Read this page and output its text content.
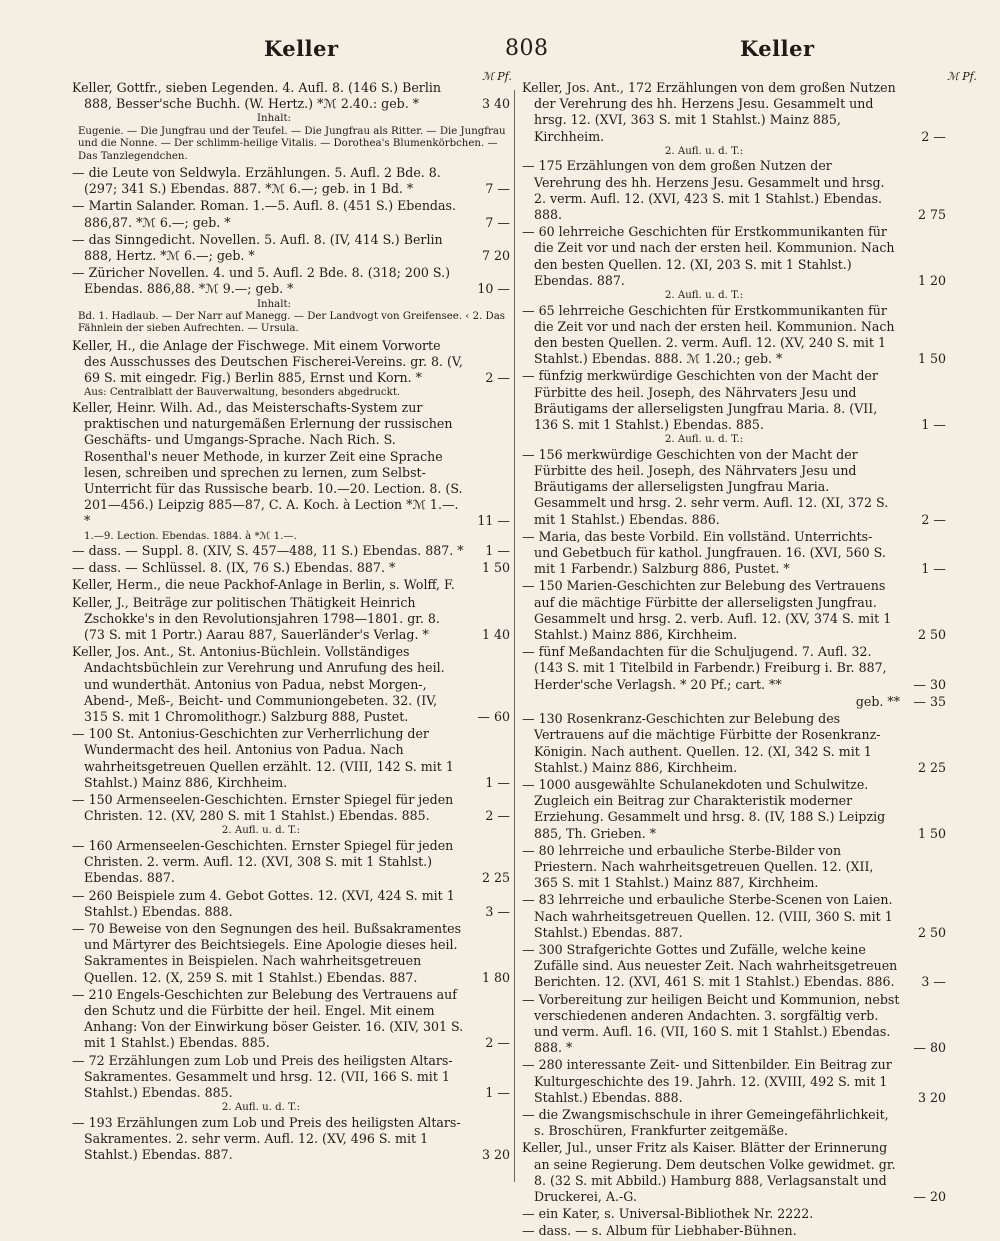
Keller	808	Keller
ℳ Pf.	ℳ Pf.
Keller, Gottfr., sieben Legenden. 4. Aufl. 8. (146 S.) Berlin 888, Besser'sche Buchh. (W. Hertz.) *ℳ 2.40.: geb. *	3 40
Inhalt:
Eugenie. — Die Jungfrau und der Teufel. — Die Jungfrau als Ritter. — Die Jungfrau und die Nonne. — Der schlimm-heilige Vitalis. — Dorothea's Blumenkörbchen. — Das Tanzlegendchen.
— die Leute von Seldwyla. Erzählungen. 5. Aufl. 2 Bde. 8. (297; 341 S.) Ebendas. 887. *ℳ 6.—; geb. in 1 Bd. *	7 —
— Martin Salander. Roman. 1.—5. Aufl. 8. (451 S.) Ebendas. 886,87. *ℳ 6.—; geb. *	7 —
— das Sinngedicht. Novellen. 5. Aufl. 8. (IV, 414 S.) Berlin 888, Hertz. *ℳ 6.—; geb. *	7 20
— Züricher Novellen. 4. und 5. Aufl. 2 Bde. 8. (318; 200 S.) Ebendas. 886,88. *ℳ 9.—; geb. *	10 —
Inhalt:
Bd. 1. Hadlaub. — Der Narr auf Manegg. — Der Landvogt von Greifensee. ‹ 2. Das Fähnlein der sieben Aufrechten. — Ursula.
Keller, H., die Anlage der Fischwege. Mit einem Vorworte des Ausschusses des Deutschen Fischerei-Vereins. gr. 8. (V, 69 S. mit eingedr. Fig.) Berlin 885, Ernst und Korn. *	2 —
Aus: Centralblatt der Bauverwaltung, besonders abgedruckt.
Keller, Heinr. Wilh. Ad., das Meisterschafts-System zur praktischen und naturgemäßen Erlernung der russischen Geschäfts- und Umgangs-Sprache. Nach Rich. S. Rosenthal's neuer Methode, in kurzer Zeit eine Sprache lesen, schreiben und sprechen zu lernen, zum Selbst-Unterricht für das Russische bearb. 10.—20. Lection. 8. (S. 201—456.) Leipzig 885—87, C. A. Koch. à Lection *ℳ 1.—. *	11 —
1.—9. Lection. Ebendas. 1884. à *ℳ 1.—.
— dass. — Suppl. 8. (XIV, S. 457—488, 11 S.) Ebendas. 887. *	1 —
— dass. — Schlüssel. 8. (IX, 76 S.) Ebendas. 887. *	1 50
Keller, Herm., die neue Packhof-Anlage in Berlin, s. Wolff, F.
Keller, J., Beiträge zur politischen Thätigkeit Heinrich Zschokke's in den Revolutionsjahren 1798—1801. gr. 8. (73 S. mit 1 Portr.) Aarau 887, Sauerländer's Verlag. *	1 40
Keller, Jos. Ant., St. Antonius-Büchlein. Vollständiges Andachtsbüchlein zur Verehrung und Anrufung des heil. und wunderthät. Antonius von Padua, nebst Morgen-, Abend-, Meß-, Beicht- und Communiongebeten. 32. (IV, 315 S. mit 1 Chromolithogr.) Salzburg 888, Pustet.	— 60
— 100 St. Antonius-Geschichten zur Verherrlichung der Wundermacht des heil. Antonius von Padua. Nach wahrheitsgetreuen Quellen erzählt. 12. (VIII, 142 S. mit 1 Stahlst.) Mainz 886, Kirchheim.	1 —
— 150 Armenseelen-Geschichten. Ernster Spiegel für jeden Christen. 12. (XV, 280 S. mit 1 Stahlst.) Ebendas. 885.	2 —
2. Aufl. u. d. T.:
— 160 Armenseelen-Geschichten. Ernster Spiegel für jeden Christen. 2. verm. Aufl. 12. (XVI, 308 S. mit 1 Stahlst.) Ebendas. 887.	2 25
— 260 Beispiele zum 4. Gebot Gottes. 12. (XVI, 424 S. mit 1 Stahlst.) Ebendas. 888.	3 —
— 70 Beweise von den Segnungen des heil. Bußsakramentes und Märtyrer des Beichtsiegels. Eine Apologie dieses heil. Sakramentes in Beispielen. Nach wahrheitsgetreuen Quellen. 12. (X, 259 S. mit 1 Stahlst.) Ebendas. 887.	1 80
— 210 Engels-Geschichten zur Belebung des Vertrauens auf den Schutz und die Fürbitte der heil. Engel. Mit einem Anhang: Von der Einwirkung böser Geister. 16. (XIV, 301 S. mit 1 Stahlst.) Ebendas. 885.	2 —
— 72 Erzählungen zum Lob und Preis des heiligsten Altars-Sakramentes. Gesammelt und hrsg. 12. (VII, 166 S. mit 1 Stahlst.) Ebendas. 885.	1 —
2. Aufl. u. d. T.:
— 193 Erzählungen zum Lob und Preis des heiligsten Altars-Sakramentes. 2. sehr verm. Aufl. 12. (XV, 496 S. mit 1 Stahlst.) Ebendas. 887.	3 20
Keller, Jos. Ant., 172 Erzählungen von dem großen Nutzen der Verehrung des hh. Herzens Jesu. Gesammelt und hrsg. 12. (XVI, 363 S. mit 1 Stahlst.) Mainz 885, Kirchheim.	2 —
2. Aufl. u. d. T.:
— 175 Erzählungen von dem großen Nutzen der Verehrung des hh. Herzens Jesu. Gesammelt und hrsg. 2. verm. Aufl. 12. (XVI, 423 S. mit 1 Stahlst.) Ebendas. 888.	2 75
— 60 lehrreiche Geschichten für Erstkommunikanten für die Zeit vor und nach der ersten heil. Kommunion. Nach den besten Quellen. 12. (XI, 203 S. mit 1 Stahlst.) Ebendas. 887.	1 20
2. Aufl. u. d. T.:
— 65 lehrreiche Geschichten für Erstkommunikanten für die Zeit vor und nach der ersten heil. Kommunion. Nach den besten Quellen. 2. verm. Aufl. 12. (XV, 240 S. mit 1 Stahlst.) Ebendas. 888. ℳ 1.20.; geb. *	1 50
— fünfzig merkwürdige Geschichten von der Macht der Fürbitte des heil. Joseph, des Nährvaters Jesu und Bräutigams der allerseligsten Jungfrau Maria. 8. (VII, 136 S. mit 1 Stahlst.) Ebendas. 885.	1 —
2. Aufl. u. d. T.:
— 156 merkwürdige Geschichten von der Macht der Fürbitte des heil. Joseph, des Nährvaters Jesu und Bräutigams der allerseligsten Jungfrau Maria. Gesammelt und hrsg. 2. sehr verm. Aufl. 12. (XI, 372 S. mit 1 Stahlst.) Ebendas. 886.	2 —
— Maria, das beste Vorbild. Ein vollständ. Unterrichts- und Gebetbuch für kathol. Jungfrauen. 16. (XVI, 560 S. mit 1 Farbendr.) Salzburg 886, Pustet. *	1 —
— 150 Marien-Geschichten zur Belebung des Vertrauens auf die mächtige Fürbitte der allerseligsten Jungfrau. Gesammelt und hrsg. 2. verb. Aufl. 12. (XV, 374 S. mit 1 Stahlst.) Mainz 886, Kirchheim.	2 50
— fünf Meßandachten für die Schuljugend. 7. Aufl. 32. (143 S. mit 1 Titelbild in Farbendr.) Freiburg i. Br. 887, Herder'sche Verlagsh. * 20 Pf.; cart. **	— 30
geb. **	— 35
— 130 Rosenkranz-Geschichten zur Belebung des Vertrauens auf die mächtige Fürbitte der Rosenkranz-Königin. Nach authent. Quellen. 12. (XI, 342 S. mit 1 Stahlst.) Mainz 886, Kirchheim.	2 25
— 1000 ausgewählte Schulanekdoten und Schulwitze. Zugleich ein Beitrag zur Charakteristik moderner Erziehung. Gesammelt und hrsg. 8. (IV, 188 S.) Leipzig 885, Th. Grieben. *	1 50
— 80 lehrreiche und erbauliche Sterbe-Bilder von Priestern. Nach wahrheitsgetreuen Quellen. 12. (XII, 365 S. mit 1 Stahlst.) Mainz 887, Kirchheim.
— 83 lehrreiche und erbauliche Sterbe-Scenen von Laien. Nach wahrheitsgetreuen Quellen. 12. (VIII, 360 S. mit 1 Stahlst.) Ebendas. 887.	2 50
— 300 Strafgerichte Gottes und Zufälle, welche keine Zufälle sind. Aus neuester Zeit. Nach wahrheitsgetreuen Berichten. 12. (XVI, 461 S. mit 1 Stahlst.) Ebendas. 886.	3 —
— Vorbereitung zur heiligen Beicht und Kommunion, nebst verschiedenen anderen Andachten. 3. sorgfältig verb. und verm. Aufl. 16. (VII, 160 S. mit 1 Stahlst.) Ebendas. 888. *	— 80
— 280 interessante Zeit- und Sittenbilder. Ein Beitrag zur Kulturgeschichte des 19. Jahrh. 12. (XVIII, 492 S. mit 1 Stahlst.) Ebendas. 888.	3 20
— die Zwangsmischschule in ihrer Gemeingefährlichkeit, s. Broschüren, Frankfurter zeitgemäße.
Keller, Jul., unser Fritz als Kaiser. Blätter der Erinnerung an seine Regierung. Dem deutschen Volke gewidmet. gr. 8. (32 S. mit Abbild.) Hamburg 888, Verlagsanstalt und Druckerei, A.-G.	— 20
— ein Kater, s. Universal-Bibliothek Nr. 2222.
— dass. — s. Album für Liebhaber-Bühnen.
